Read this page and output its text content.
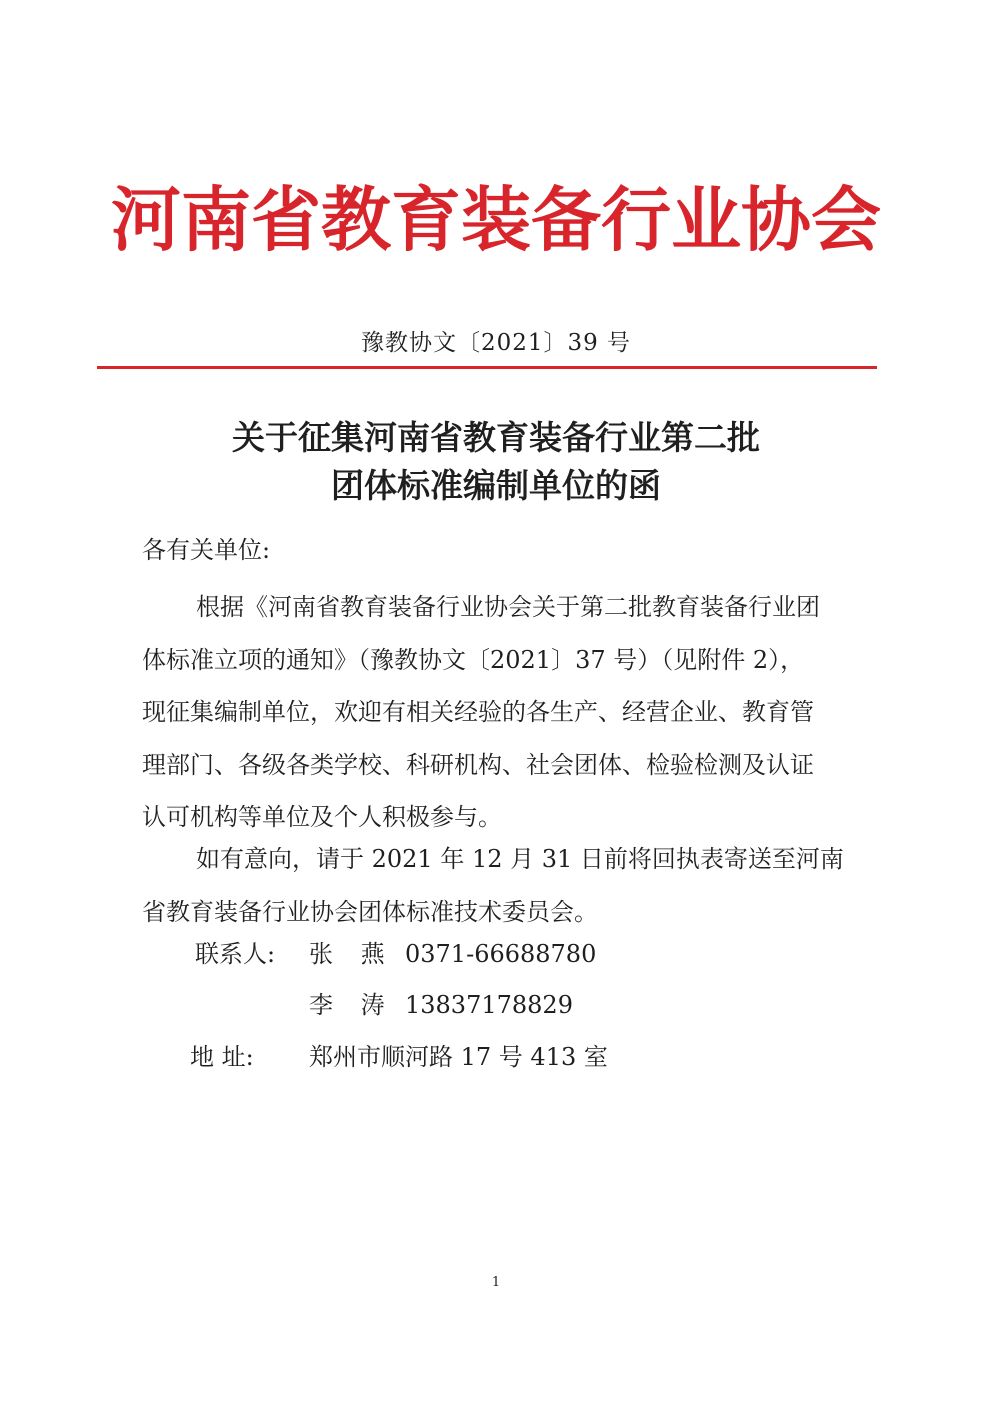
河南省教育装备行业协会
豫教协文〔2021〕39 号
关于征集河南省教育装备行业第二批
团体标准编制单位的函
各有关单位:
根据《河南省教育装备行业协会关于第二批教育装备行业团
体标准立项的通知》（豫教协文〔2021〕37 号）（见附件 2），
现征集编制单位，欢迎有相关经验的各生产、经营企业、教育管
理部门、各级各类学校、科研机构、社会团体、检验检测及认证
认可机构等单位及个人积极参与。
如有意向，请于 2021 年 12 月 31 日前将回执表寄送至河南
省教育装备行业协会团体标准技术委员会。
联系人: 张 燕 0371-66688780
李 涛 13837178829
地 址: 郑州市顺河路 17 号 413 室
1
